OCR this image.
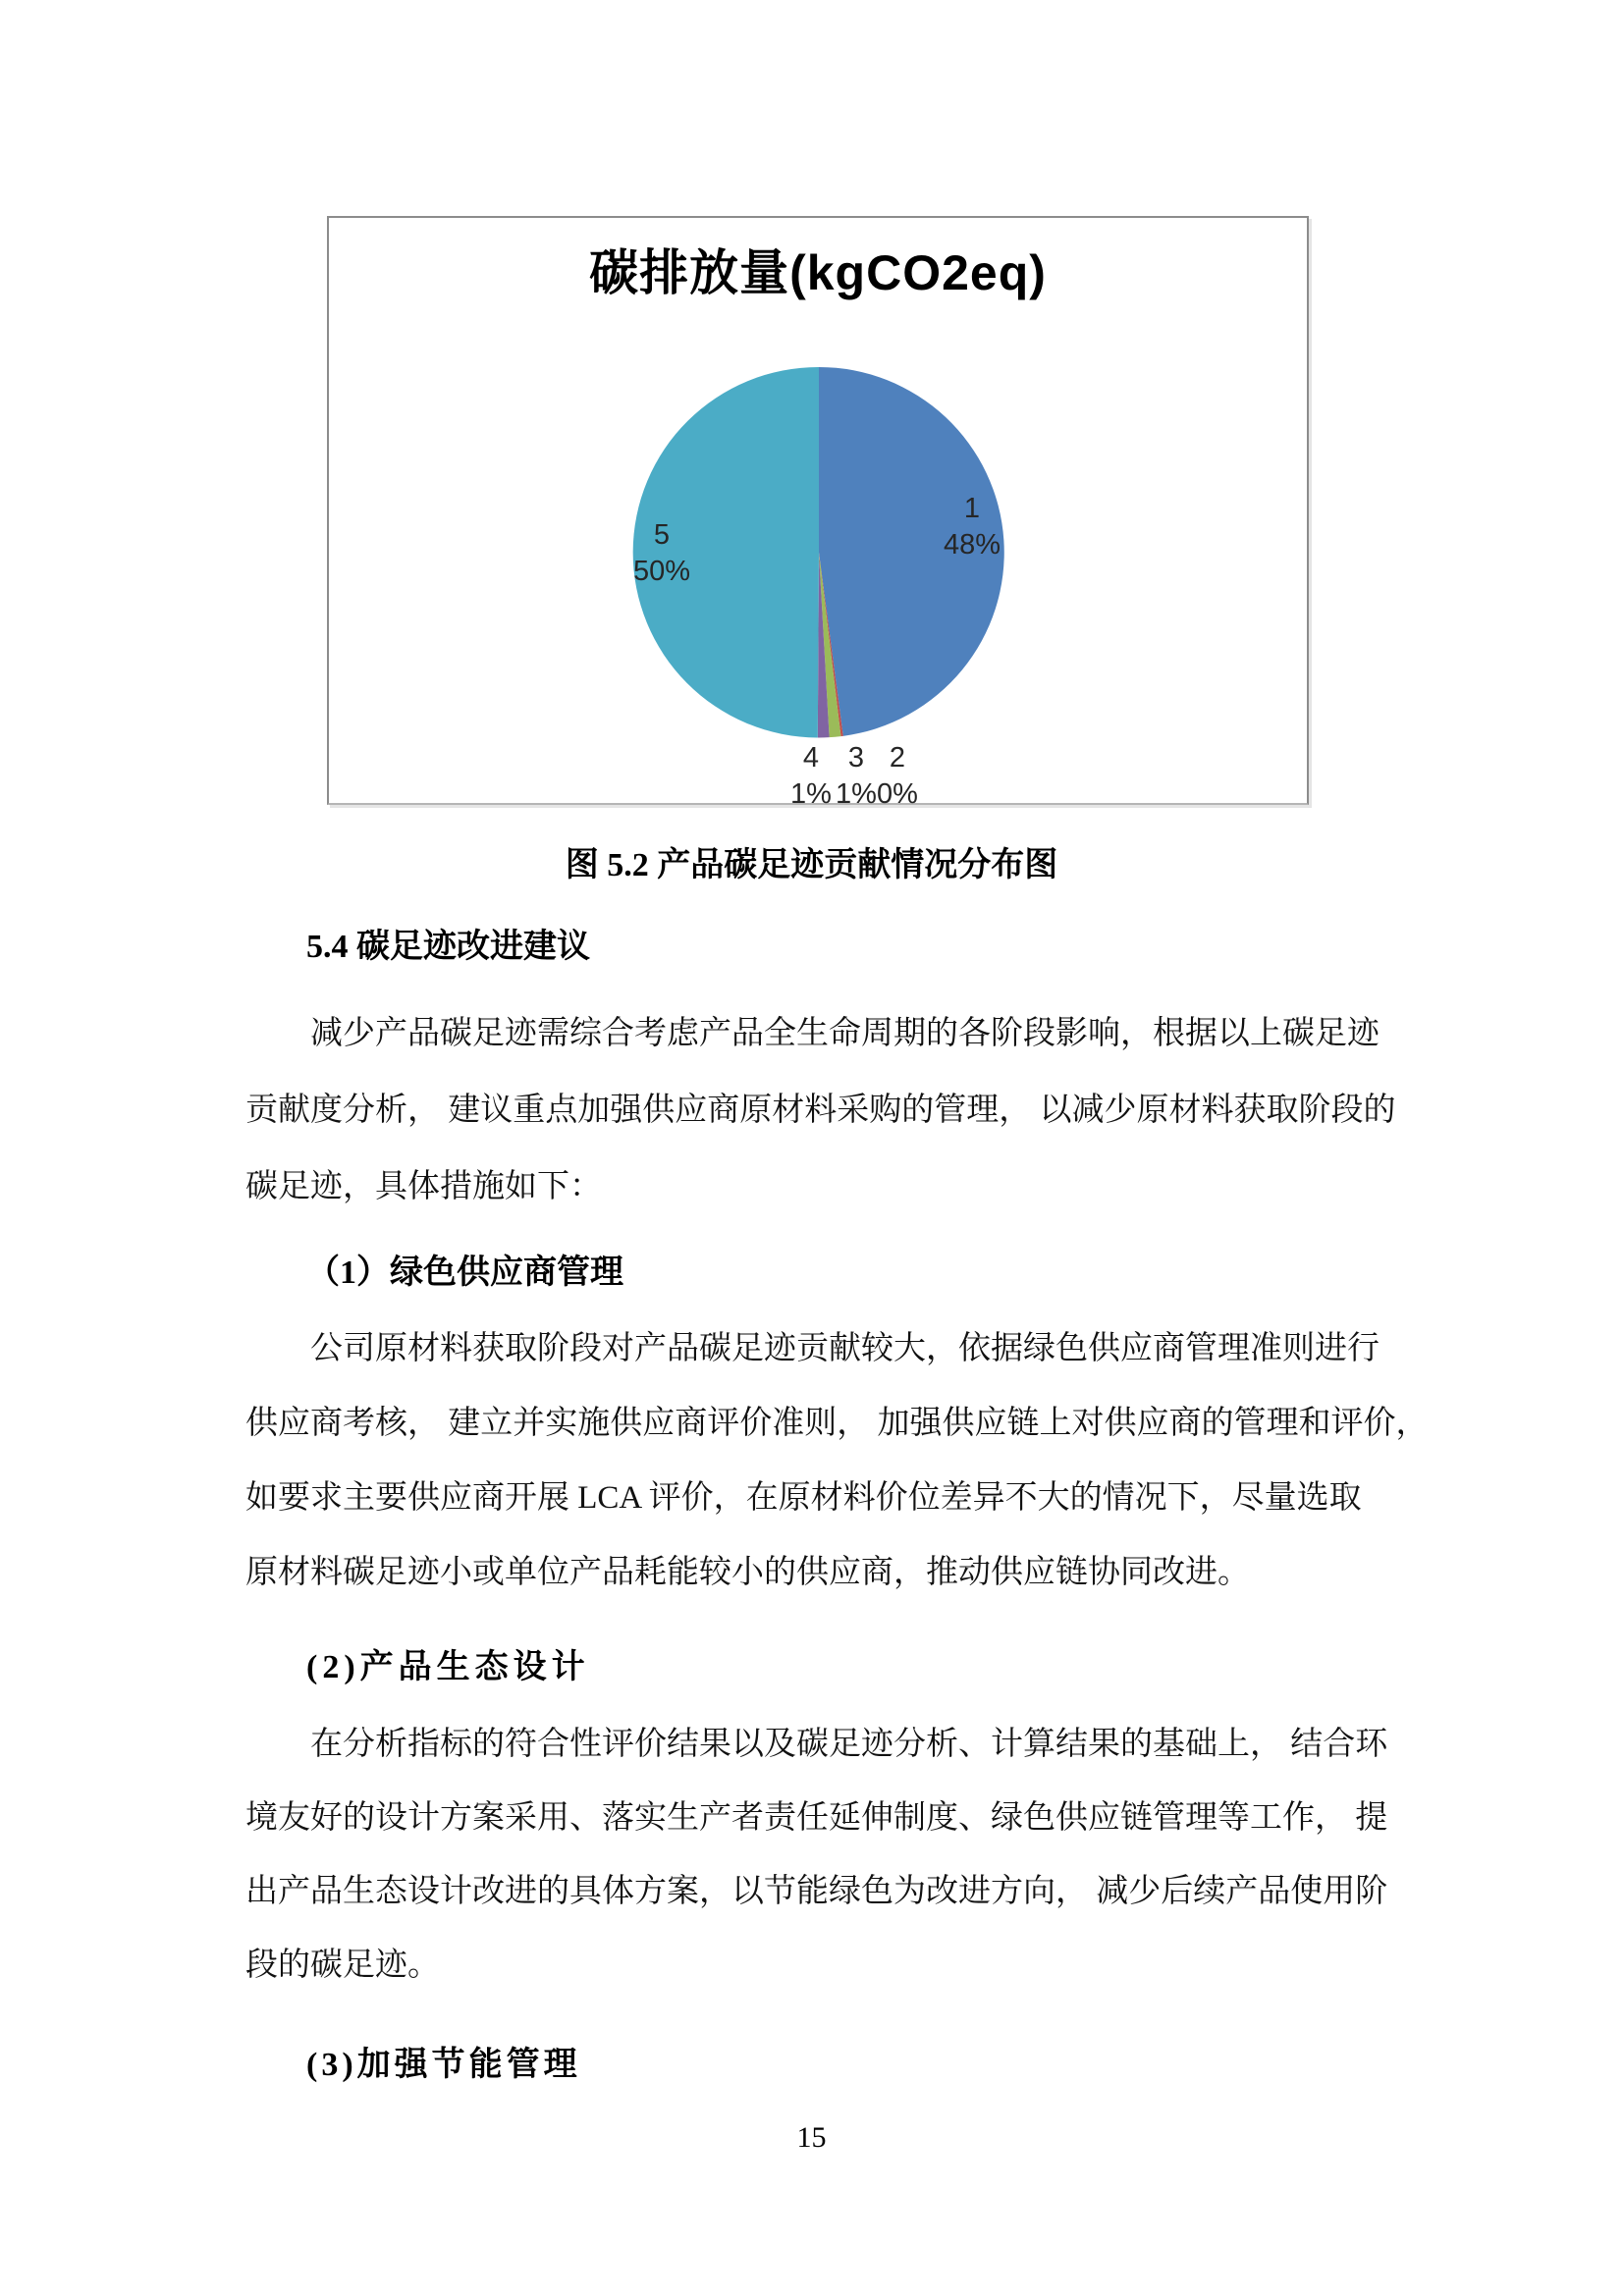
碳排放量(kgCO2eq)
1
48%
5
50%
4
1%
3
1%
2
0%
图 5.2 产品碳足迹贡献情况分布图
5.4 碳足迹改进建议
减少产品碳足迹需综合考虑产品全生命周期的各阶段影响，根据以上碳足迹
贡献度分析， 建议重点加强供应商原材料采购的管理， 以减少原材料获取阶段的
碳足迹，具体措施如下：
（1）绿色供应商管理
公司原材料获取阶段对产品碳足迹贡献较大，依据绿色供应商管理准则进行
供应商考核， 建立并实施供应商评价准则， 加强供应链上对供应商的管理和评价，
如要求主要供应商开展 LCA 评价，在原材料价位差异不大的情况下，尽量选取
原材料碳足迹小或单位产品耗能较小的供应商，推动供应链协同改进。
(2)产品生态设计
在分析指标的符合性评价结果以及碳足迹分析、计算结果的基础上， 结合环
境友好的设计方案采用、落实生产者责任延伸制度、绿色供应链管理等工作， 提
出产品生态设计改进的具体方案，以节能绿色为改进方向， 减少后续产品使用阶
段的碳足迹。
(3)加强节能管理
15
